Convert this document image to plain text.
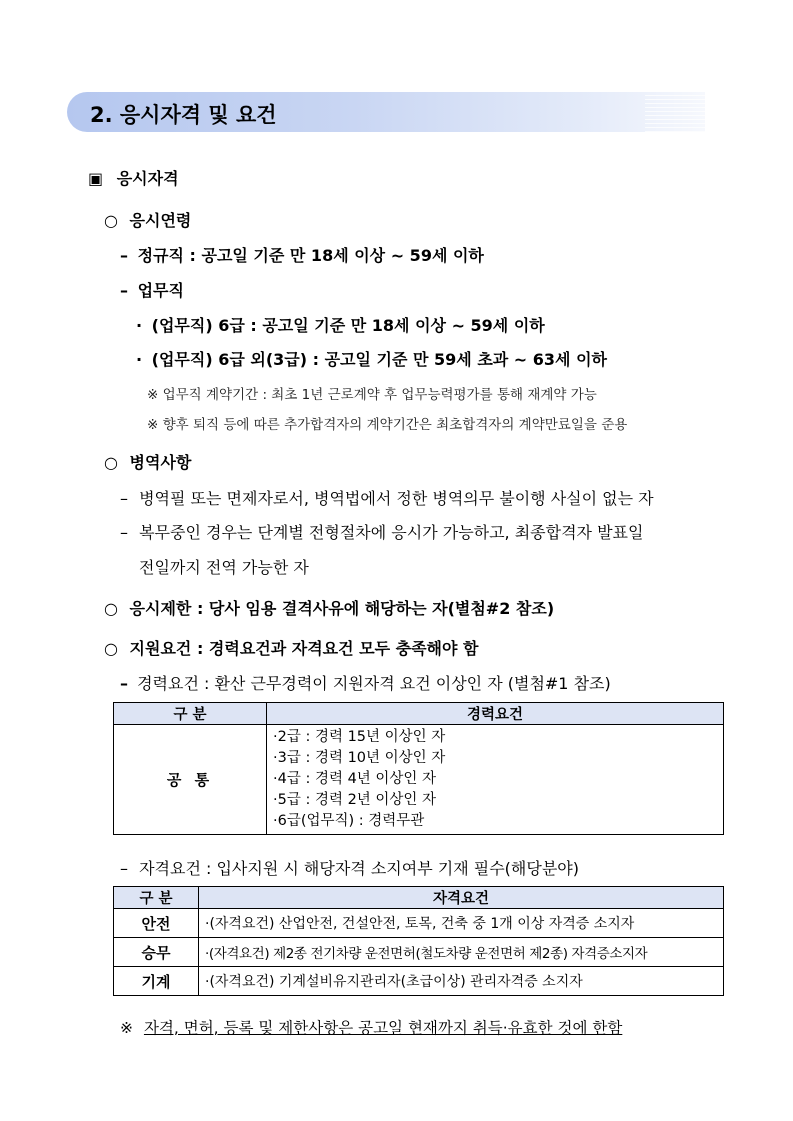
2. 응시자격 및 요건
▣ 응시자격
○ 응시연령
– 정규직 : 공고일 기준 만 18세 이상 ~ 59세 이하
– 업무직
· (업무직) 6급 : 공고일 기준 만 18세 이상 ~ 59세 이하
· (업무직) 6급 외(3급) : 공고일 기준 만 59세 초과 ~ 63세 이하
※ 업무직 계약기간 : 최초 1년 근로계약 후 업무능력평가를 통해 재계약 가능
※ 향후 퇴직 등에 따른 추가합격자의 계약기간은 최초합격자의 계약만료일을 준용
○ 병역사항
– 병역필 또는 면제자로서, 병역법에서 정한 병역의무 불이행 사실이 없는 자
– 복무중인 경우는 단계별 전형절차에 응시가 가능하고, 최종합격자 발표일
전일까지 전역 가능한 자
○ 응시제한 : 당사 임용 결격사유에 해당하는 자(별첨#2 참조)
○ 지원요건 : 경력요건과 자격요건 모두 충족해야 함
– 경력요건 : 환산 근무경력이 지원자격 요건 이상인 자 (별첨#1 참조)
구 분	경력요건
공 통	·2급 : 경력 15년 이상인 자
·3급 : 경력 10년 이상인 자
·4급 : 경력 4년 이상인 자
·5급 : 경력 2년 이상인 자
·6급(업무직) : 경력무관
– 자격요건 : 입사지원 시 해당자격 소지여부 기재 필수(해당분야)
구 분	자격요건
안전	·(자격요건) 산업안전, 건설안전, 토목, 건축 중 1개 이상 자격증 소지자
승무	·(자격요건) 제2종 전기차량 운전면허(철도차량 운전면허 제2종) 자격증소지자
기계	·(자격요건) 기계설비유지관리자(초급이상) 관리자격증 소지자
※ 자격, 면허, 등록 및 제한사항은 공고일 현재까지 취득·유효한 것에 한함
